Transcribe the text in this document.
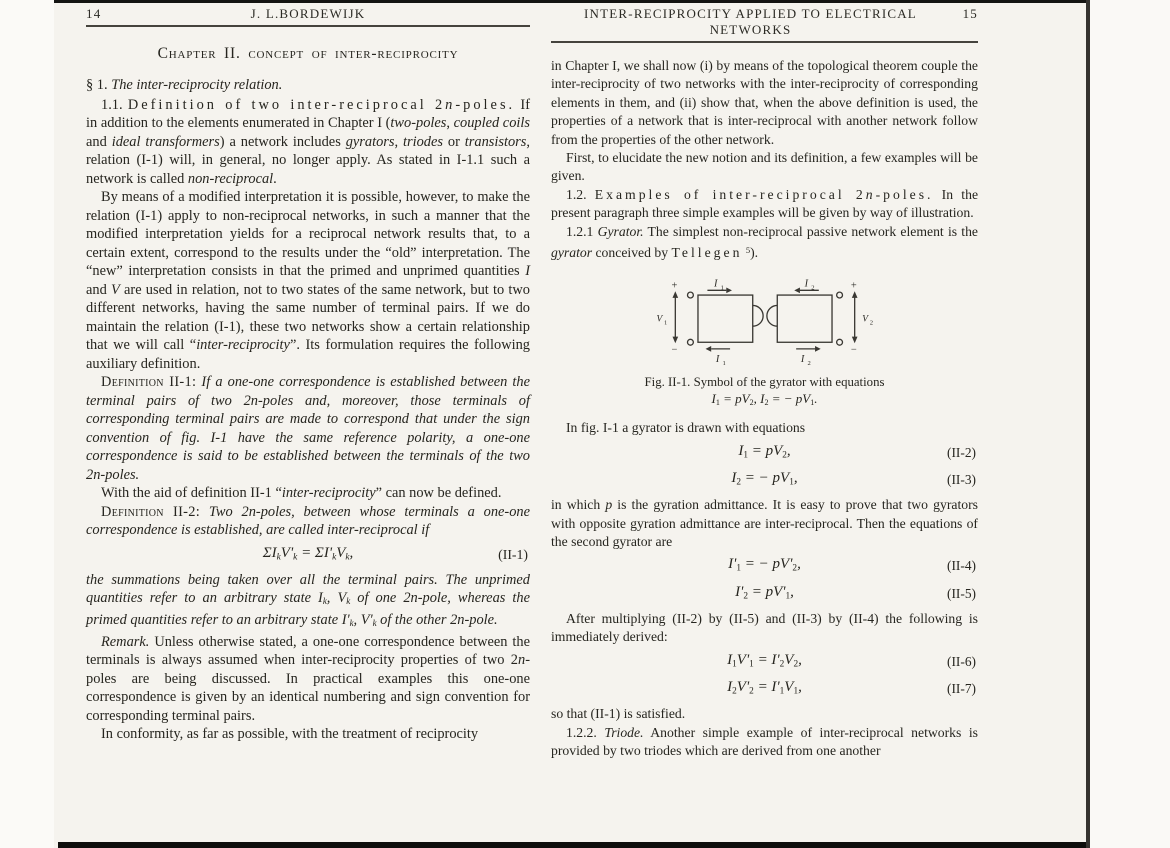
14	J. L.BORDEWIJK
Chapter II. concept of inter-reciprocity

§ 1. The inter-reciprocity relation.

1.1. Definition of two inter-reciprocal 2n-poles. If in addition to the elements enumerated in Chapter I (two-poles, coupled coils and ideal transformers) a network includes gyrators, triodes or transistors, relation (I-1) will, in general, no longer apply. As stated in I-1.1 such a network is called non-reciprocal.

By means of a modified interpretation it is possible, however, to make the relation (I-1) apply to non-reciprocal networks, in such a manner that the modified interpretation yields for a reciprocal network results that, to a certain extent, correspond to the results under the “old” interpretation. The “new” interpretation consists in that the primed and unprimed quantities I and V are used in relation, not to two states of the same network, but to two different networks, having the same number of terminal pairs. If we do maintain the relation (I-1), these two networks show a certain relationship that we will call “inter-reciprocity”. Its formulation requires the following auxiliary definition.

Definition II-1: If a one-one correspondence is established between the terminal pairs of two 2n-poles and, moreover, those terminals of corresponding terminal pairs are made to correspond that under the sign convention of fig. I-1 have the same reference polarity, a one-one correspondence is said to be established between the terminals of the two 2n-poles.

With the aid of definition II-1 “inter-reciprocity” can now be defined.

Definition II-2: Two 2n-poles, between whose terminals a one-one correspondence is established, are called inter-reciprocal if

$\Sigma I_kV'_k = \Sigma I'_kV_k$,	(II-1)

the summations being taken over all the terminal pairs. The unprimed quantities refer to an arbitrary state $I_k$, $V_k$ of one 2n-pole, whereas the primed quantities refer to an arbitrary state $I'_k$, $V'_k$ of the other 2n-pole.

Remark. Unless otherwise stated, a one-one correspondence between the terminals is always assumed when inter-reciprocity properties of two 2n-poles are being discussed. In practical examples this one-one correspondence is given by an identical numbering and sign convention for corresponding terminal pairs.

In conformity, as far as possible, with the treatment of reciprocity

INTER-RECIPROCITY APPLIED TO ELECTRICAL NETWORKS
15

in Chapter I, we shall now (i) by means of the topological theorem couple the inter-reciprocity of two networks with the inter-reciprocity of corresponding elements in them, and (ii) show that, when the above definition is used, the properties of a network that is inter-reciprocal with another network follow from the properties of the other network.

First, to elucidate the new notion and its definition, a few examples will be given.

1.2. Examples of inter-reciprocal 2n-poles. In the present paragraph three simple examples will be given by way of illustration.

1.2.1 Gyrator. The simplest non-reciprocal passive network element is the gyrator conceived by Tellegen $^5$).

I 1
I 1
I 2
I 2
+
−
+
−
V 1	V 2
Fig. II-1. Symbol of the gyrator with equations
$I_1 = pV_2$, $I_2$ = − $pV_1$.

In fig. I-1 a gyrator is drawn with equations

$I_1 = pV_2$,	(II-2)
$I_2$ = − $pV_1$,	(II-3)

in which p is the gyration admittance. It is easy to prove that two gyrators with opposite gyration admittance are inter-reciprocal. Then the equations of the second gyrator are

$I'_1$ = − $pV'_2$,	(II-4)
$I'_2 = pV'_1$,	(II-5)

After multiplying (II-2) by (II-5) and (II-3) by (II-4) the following is immediately derived:

$I_1V'_1 = I'_2V_2$,	(II-6)
$I_2V'_2 = I'_1V_1$,	(II-7)

so that (II-1) is satisfied.

1.2.2. Triode. Another simple example of inter-reciprocal networks is provided by two triodes which are derived from one another
